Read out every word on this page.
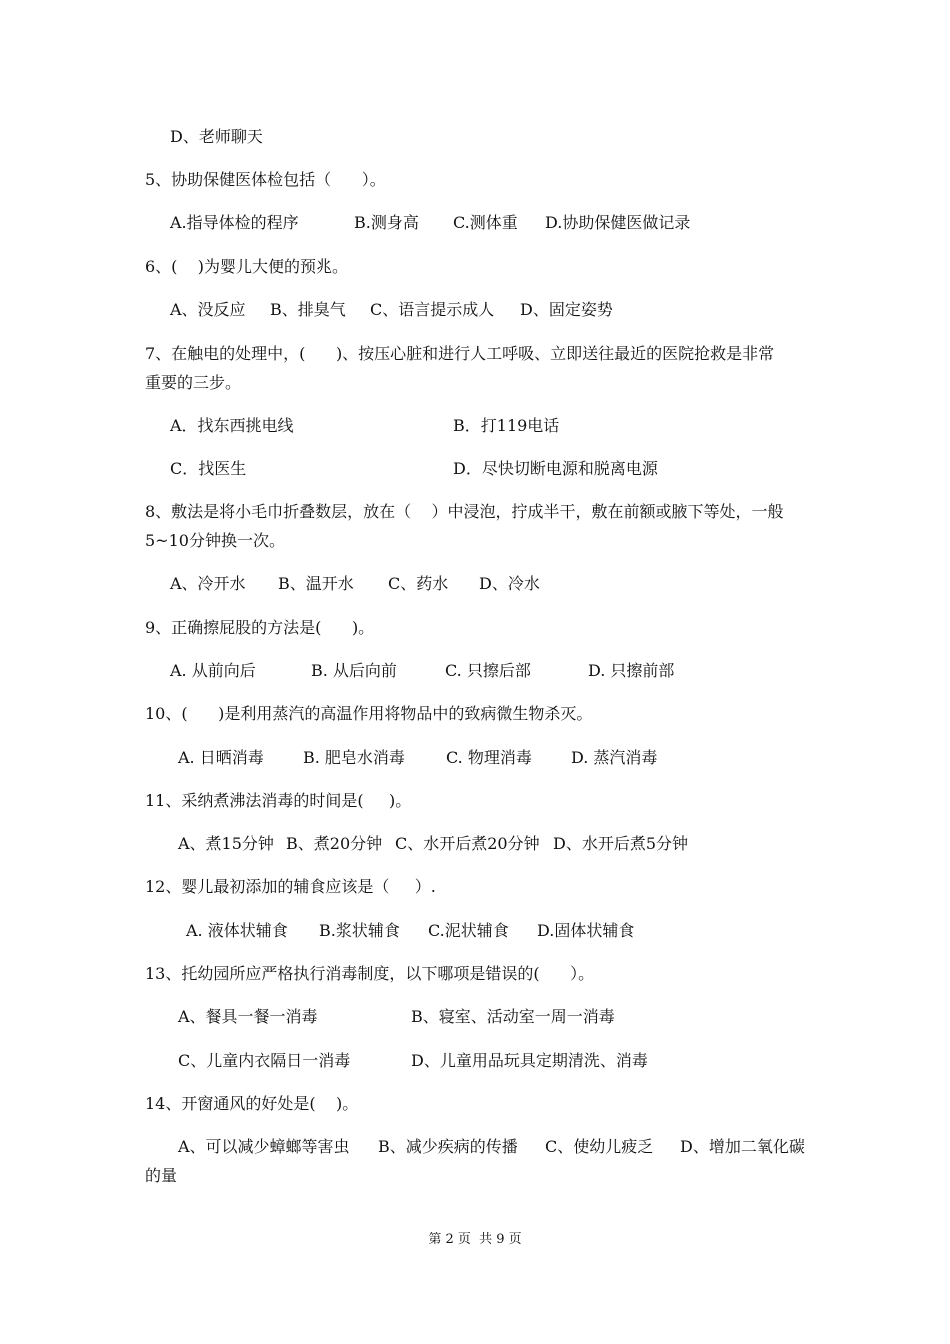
D、老师聊天
5、协助保健医体检包括（      ）。
A.指导体检的程序	B.测身高 C.测体重 D.协助保健医做记录
6、(    )为婴儿大便的预兆。
A、没反应 B、排臭气 C、语言提示成人 D、固定姿势
7、在触电的处理中，(      )、按压心脏和进行人工呼吸、立即送往最近的医院抢救是非常
重要的三步。
A．找东西挑电线	B．打119电话
C．找医生	D．尽快切断电源和脱离电源
8、敷法是将小毛巾折叠数层，放在（    ）中浸泡，拧成半干，敷在前额或腋下等处，一般
5~10分钟换一次。
A、冷开水 B、温开水 C、药水 D、冷水
9、正确擦屁股的方法是(      )。
A. 从前向后	B. 从后向前	C. 只擦后部	D. 只擦前部
10、(      )是利用蒸汽的高温作用将物品中的致病微生物杀灭。
A. 日晒消毒 B. 肥皂水消毒	C. 物理消毒 D. 蒸汽消毒
11、采纳煮沸法消毒的时间是(     )。
A、煮15分钟 B、煮20分钟 C、水开后煮20分钟 D、水开后煮5分钟
12、婴儿最初添加的辅食应该是（     ）.
A. 液体状辅食 B.浆状辅食 C.泥状辅食 D.固体状辅食
13、托幼园所应严格执行消毒制度，以下哪项是错误的(      ）。
A、餐具一餐一消毒	B、寝室、活动室一周一消毒
C、儿童内衣隔日一消毒	D、儿童用品玩具定期清洗、消毒
14、开窗通风的好处是(    )。
A、可以减少蟑螂等害虫 B、减少疾病的传播 C、使幼儿疲乏 D、增加二氧化碳
的量
第 2 页  共 9 页
